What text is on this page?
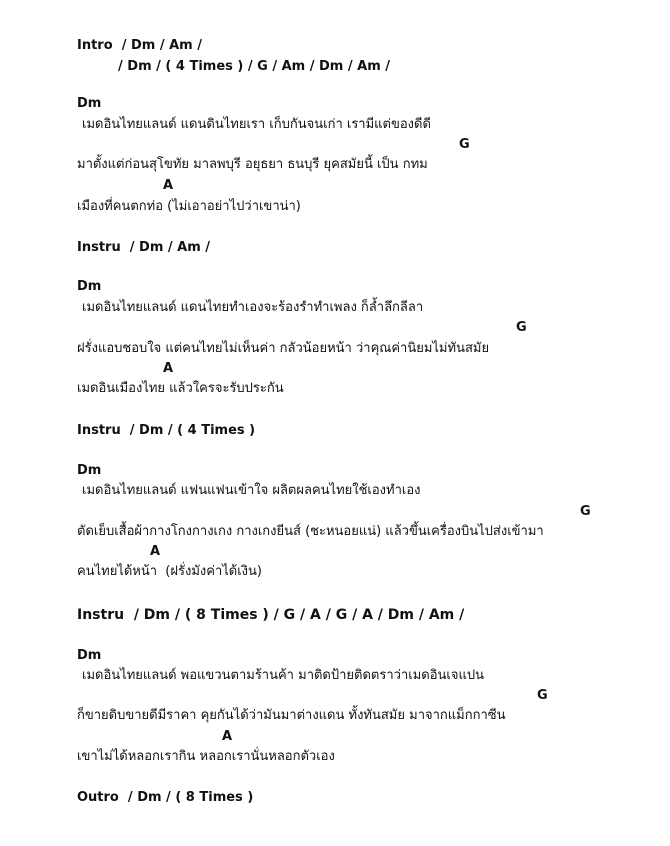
Intro  / Dm / Am /
/ Dm / ( 4 Times ) / G / Am / Dm / Am /
Dm
เมดอินไทยแลนด์ แดนดินไทยเรา เก็บกันจนเก่า เรามีแต่ของดีดี
G
มาตั้งแต่ก่อนสุโขทัย มาลพบุรี อยุธยา ธนบุรี ยุคสมัยนี้ เป็น กทม
A
เมืองที่คนตกท่อ (ไม่เอาอย่าไปว่าเขาน่า)
Instru  / Dm / Am /
Dm
เมดอินไทยแลนด์ แดนไทยทำเองจะร้องรำทำเพลง ก็ล้ำลึกลีลา
G
ฝรั่งแอบชอบใจ แต่คนไทยไม่เห็นค่า กลัวน้อยหน้า ว่าคุณค่านิยมไม่ทันสมัย
A
เมดอินเมืองไทย แล้วใครจะรับประกัน
Instru  / Dm / ( 4 Times )
Dm
เมดอินไทยแลนด์ แฟนแฟนเข้าใจ ผลิตผลคนไทยใช้เองทำเอง
G
ตัดเย็บเสื้อผ้ากางโกงกางเกง กางเกงยีนส์ (ชะหนอยแน่) แล้วขึ้นเครื่องบินไปส่งเข้ามา
A
คนไทยได้หน้า  (ฝรั่งมังค่าได้เงิน)
Instru  / Dm / ( 8 Times ) / G / A / G / A / Dm / Am /
Dm
เมดอินไทยแลนด์ พอแขวนตามร้านค้า มาติดป้ายติดตราว่าเมดอินเจแปน
G
ก็ขายดิบขายดีมีราคา คุยกันได้ว่ามันมาต่างแดน ทั้งทันสมัย มาจากแม็กกาซีน
A
เขาไม่ได้หลอกเรากิน หลอกเรานั่นหลอกตัวเอง
Outro  / Dm / ( 8 Times )
